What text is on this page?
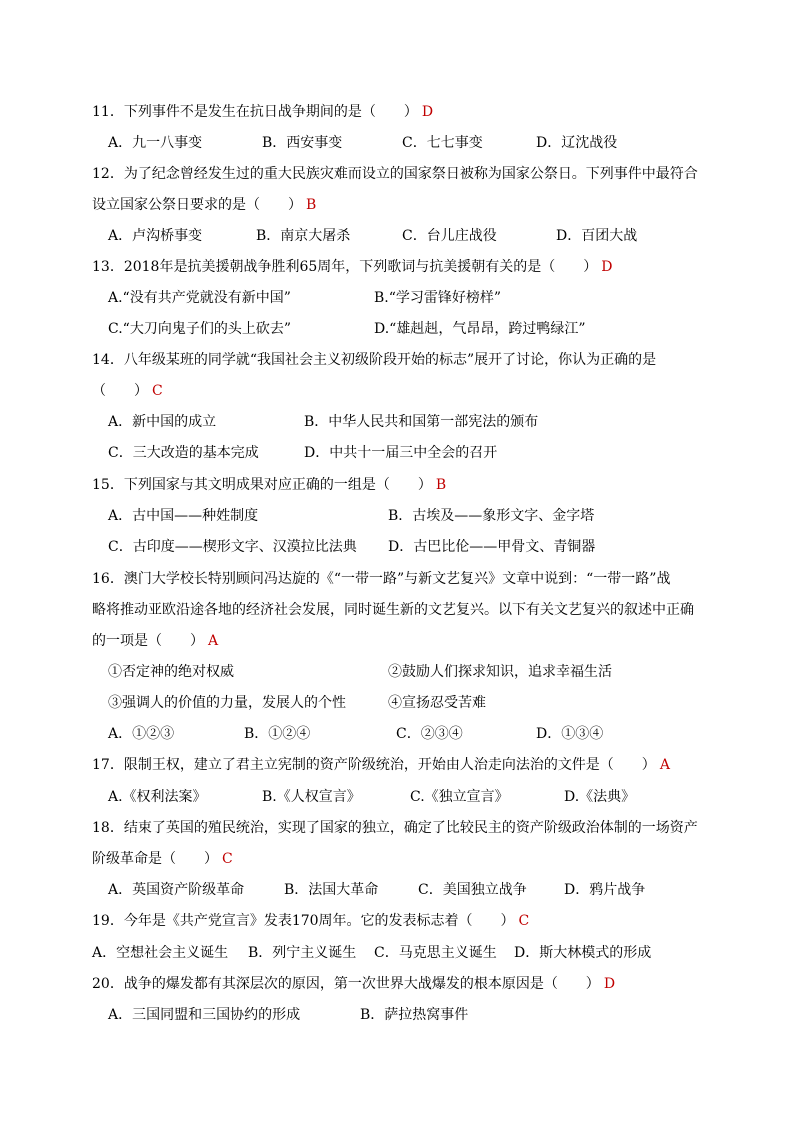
11．下列事件不是发生在抗日战争期间的是（　　） D
A．九一八事变	B．西安事变	C．七七事变	D．辽沈战役
12．为了纪念曾经发生过的重大民族灾难而设立的国家祭日被称为国家公祭日。下列事件中最符合
设立国家公祭日要求的是（　　） B
A．卢沟桥事变	B．南京大屠杀	C．台儿庄战役	D．百团大战
13．2018年是抗美援朝战争胜利65周年，下列歌词与抗美援朝有关的是（　　） D
A.“没有共产党就没有新中国”	B.“学习雷锋好榜样”
C.“大刀向鬼子们的头上砍去”	D.“雄赳赳，气昂昂，跨过鸭绿江”
14．八年级某班的同学就“我国社会主义初级阶段开始的标志”展开了讨论，你认为正确的是
（　　） C
A．新中国的成立	B．中华人民共和国第一部宪法的颁布
C．三大改造的基本完成	D．中共十一届三中全会的召开
15．下列国家与其文明成果对应正确的一组是（　　） B
A．古中国——种姓制度	B．古埃及——象形文字、金字塔
C．古印度——楔形文字、汉漠拉比法典 D．古巴比伦——甲骨文、青铜器
16．澳门大学校长特别顾问冯达旋的《“一带一路”与新文艺复兴》文章中说到：“一带一路”战
略将推动亚欧沿途各地的经济社会发展，同时诞生新的文艺复兴。以下有关文艺复兴的叙述中正确
的一项是（　　） A
①否定神的绝对权威	②鼓励人们探求知识，追求幸福生活
③强调人的价值的力量，发展人的个性	④宣扬忍受苦难
A．①②③	B．①②④	C．②③④	D．①③④
17．限制王权，建立了君主立宪制的资产阶级统治，开始由人治走向法治的文件是（　　） A
A.《权利法案》	B.《人权宣言》	C.《独立宣言》	D.《法典》
18．结束了英国的殖民统治，实现了国家的独立，确定了比较民主的资产阶级政治体制的一场资产
阶级革命是（　　） C
A．英国资产阶级革命	B．法国大革命	C．美国独立战争	D．鸦片战争
19．今年是《共产党宣言》发表170周年。它的发表标志着（　　） C
A．空想社会主义诞生 B．列宁主义诞生 C．马克思主义诞生 D．斯大林模式的形成
20．战争的爆发都有其深层次的原因，第一次世界大战爆发的根本原因是（　　） D
A．三国同盟和三国协约的形成	B．萨拉热窝事件
